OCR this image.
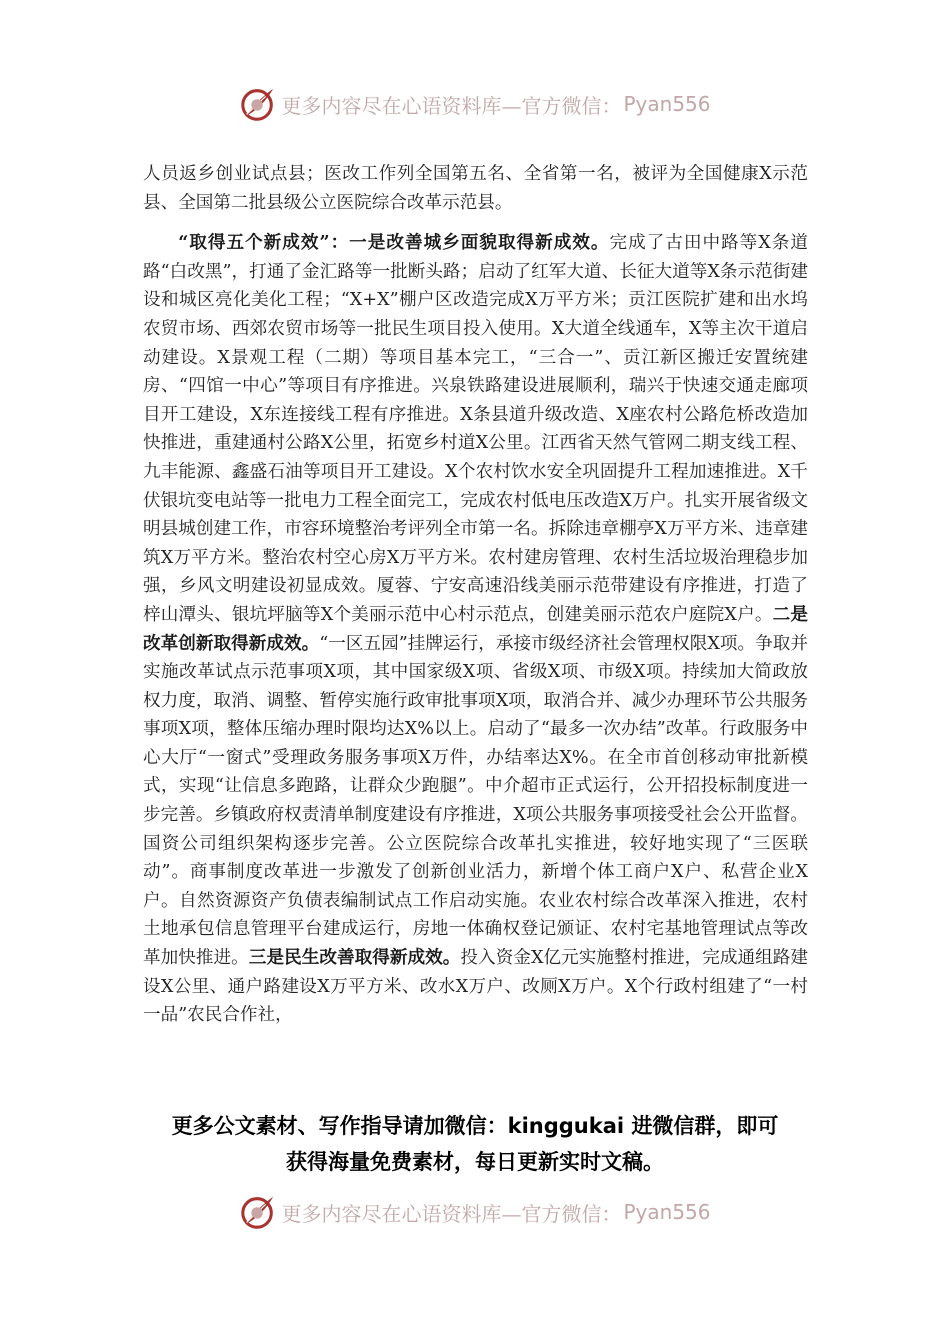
更多内容尽在心语资料库—官方微信： Pyan556

人员返乡创业试点县；医改工作列全国第五名、全省第一名，被评为全国健康X示范县、全国第二批县级公立医院综合改革示范县。

“取得五个新成效”：一是改善城乡面貌取得新成效。完成了古田中路等X条道路“白改黑”，打通了金汇路等一批断头路；启动了红军大道、长征大道等X条示范街建设和城区亮化美化工程；“X+X”棚户区改造完成X万平方米；贡江医院扩建和出水坞农贸市场、西郊农贸市场等一批民生项目投入使用。X大道全线通车，X等主次干道启动建设。X景观工程（二期）等项目基本完工，“三合一”、贡江新区搬迁安置统建房、“四馆一中心”等项目有序推进。兴泉铁路建设进展顺利，瑞兴于快速交通走廊项目开工建设，X东连接线工程有序推进。X条县道升级改造、X座农村公路危桥改造加快推进，重建通村公路X公里，拓宽乡村道X公里。江西省天然气管网二期支线工程、九丰能源、鑫盛石油等项目开工建设。X个农村饮水安全巩固提升工程加速推进。X千伏银坑变电站等一批电力工程全面完工，完成农村低电压改造X万户。扎实开展省级文明县城创建工作，市容环境整治考评列全市第一名。拆除违章棚亭X万平方米、违章建筑X万平方米。整治农村空心房X万平方米。农村建房管理、农村生活垃圾治理稳步加强，乡风文明建设初显成效。厦蓉、宁安高速沿线美丽示范带建设有序推进，打造了梓山潭头、银坑坪脑等X个美丽示范中心村示范点，创建美丽示范农户庭院X户。二是改革创新取得新成效。“一区五园”挂牌运行，承接市级经济社会管理权限X项。争取并实施改革试点示范事项X项，其中国家级X项、省级X项、市级X项。持续加大简政放权力度，取消、调整、暂停实施行政审批事项X项，取消合并、减少办理环节公共服务事项X项，整体压缩办理时限均达X%以上。启动了“最多一次办结”改革。行政服务中心大厅“一窗式”受理政务服务事项X万件，办结率达X%。在全市首创移动审批新模式，实现“让信息多跑路，让群众少跑腿”。中介超市正式运行，公开招投标制度进一步完善。乡镇政府权责清单制度建设有序推进，X项公共服务事项接受社会公开监督。国资公司组织架构逐步完善。公立医院综合改革扎实推进，较好地实现了“三医联动”。商事制度改革进一步激发了创新创业活力，新增个体工商户X户、私营企业X户。自然资源资产负债表编制试点工作启动实施。农业农村综合改革深入推进，农村土地承包信息管理平台建成运行，房地一体确权登记颁证、农村宅基地管理试点等改革加快推进。三是民生改善取得新成效。投入资金X亿元实施整村推进，完成通组路建设X公里、通户路建设X万平方米、改水X万户、改厕X万户。X个行政村组建了“一村一品”农民合作社，

更多公文素材、写作指导请加微信：kinggukai 进微信群，即可
获得海量免费素材，每日更新实时文稿。
更多内容尽在心语资料库—官方微信： Pyan556
